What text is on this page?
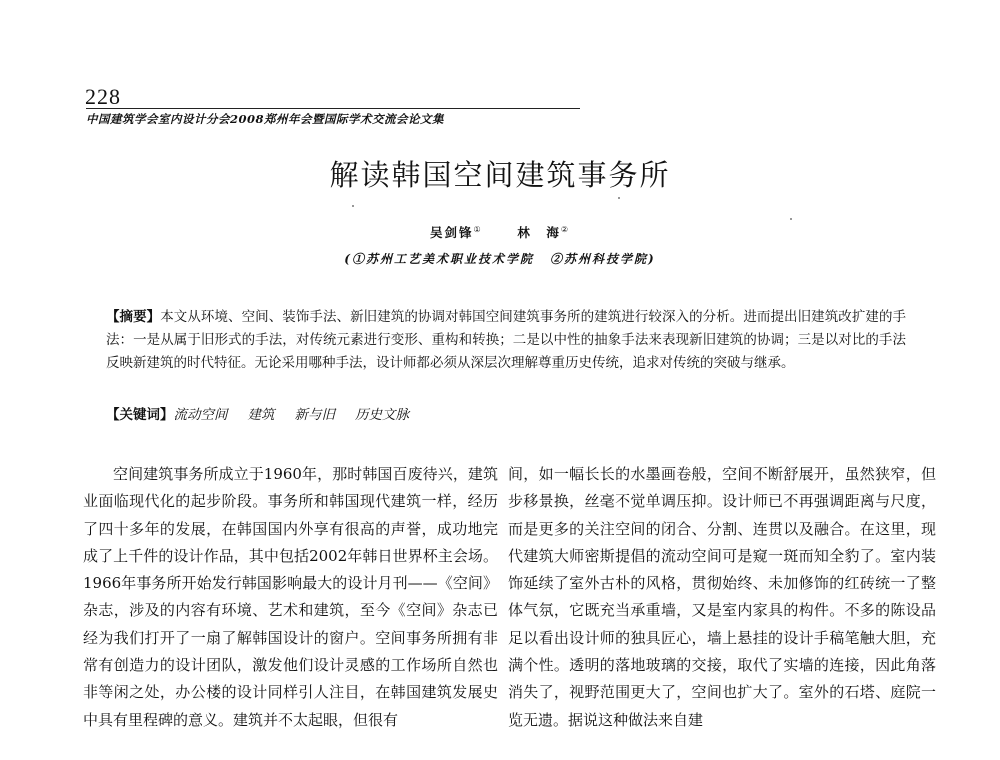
228
中国建筑学会室内设计分会2008郑州年会暨国际学术交流会论文集
解读韩国空间建筑事务所
吴剑锋①	林　海②
(①苏州工艺美术职业技术学院 ②苏州科技学院)
【摘要】本文从环境、空间、装饰手法、新旧建筑的协调对韩国空间建筑事务所的建筑进行较深入的分析。进而提出旧建筑改扩建的手法：一是从属于旧形式的手法，对传统元素进行变形、重构和转换；二是以中性的抽象手法来表现新旧建筑的协调；三是以对比的手法反映新建筑的时代特征。无论采用哪种手法，设计师都必须从深层次理解尊重历史传统，追求对传统的突破与继承。
【关键词】流动空间 建筑 新与旧 历史文脉
空间建筑事务所成立于1960年，那时韩国百废待兴，建筑业面临现代化的起步阶段。事务所和韩国现代建筑一样，经历了四十多年的发展，在韩国国内外享有很高的声誉，成功地完成了上千件的设计作品，其中包括2002年韩日世界杯主会场。1966年事务所开始发行韩国影响最大的设计月刊——《空间》杂志，涉及的内容有环境、艺术和建筑，至今《空间》杂志已经为我们打开了一扇了解韩国设计的窗户。空间事务所拥有非常有创造力的设计团队，激发他们设计灵感的工作场所自然也非等闲之处，办公楼的设计同样引人注目，在韩国建筑发展史中具有里程碑的意义。建筑并不太起眼，但很有
间，如一幅长长的水墨画卷般，空间不断舒展开，虽然狭窄，但步移景换，丝毫不觉单调压抑。设计师已不再强调距离与尺度，而是更多的关注空间的闭合、分割、连贯以及融合。在这里，现代建筑大师密斯提倡的流动空间可是窥一斑而知全豹了。室内装饰延续了室外古朴的风格，贯彻始终、未加修饰的红砖统一了整体气氛，它既充当承重墙，又是室内家具的构件。不多的陈设品足以看出设计师的独具匠心，墙上悬挂的设计手稿笔触大胆，充满个性。透明的落地玻璃的交接，取代了实墙的连接，因此角落消失了，视野范围更大了，空间也扩大了。室外的石塔、庭院一览无遗。据说这种做法来自建
